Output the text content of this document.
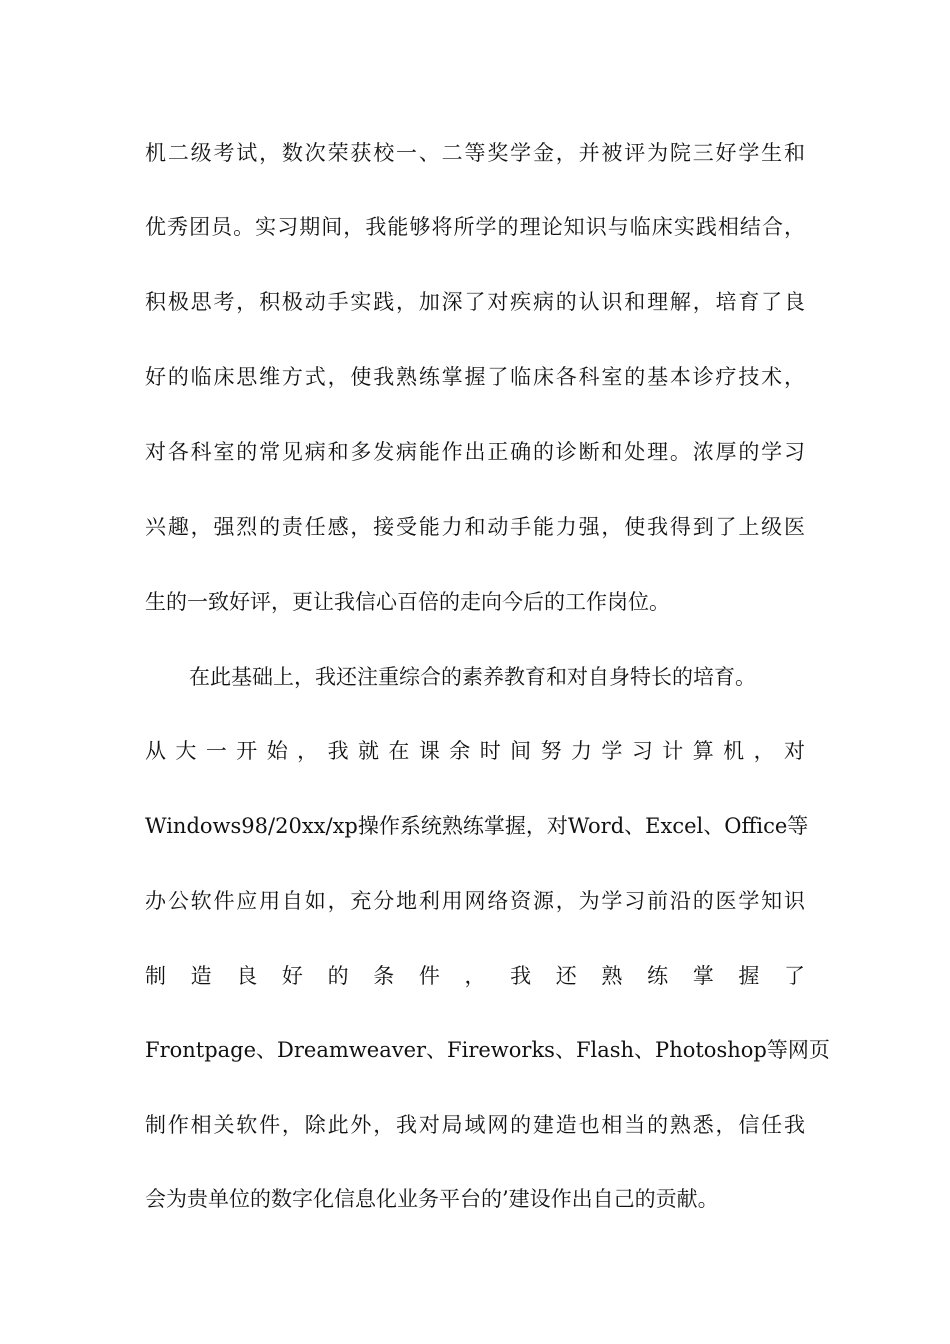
机二级考试，数次荣获校一、二等奖学金，并被评为院三好学生和
优秀团员。实习期间，我能够将所学的理论知识与临床实践相结合，
积极思考，积极动手实践，加深了对疾病的认识和理解，培育了良
好的临床思维方式，使我熟练掌握了临床各科室的基本诊疗技术，
对各科室的常见病和多发病能作出正确的诊断和处理。浓厚的学习
兴趣，强烈的责任感，接受能力和动手能力强，使我得到了上级医
生的一致好评，更让我信心百倍的走向今后的工作岗位。
在此基础上，我还注重综合的素养教育和对自身特长的培育。
从 大 一 开 始 ， 我 就 在 课 余 时 间 努 力 学 习 计 算 机 ， 对
Windows98/20xx/xp操作系统熟练掌握，对Word、Excel、Office等
办公软件应用自如，充分地利用网络资源，为学习前沿的医学知识
制 造 良 好 的 条 件 ， 我 还 熟 练 掌 握 了
Frontpage、Dreamweaver、Fireworks、Flash、Photoshop等网页
制作相关软件，除此外，我对局域网的建造也相当的熟悉，信任我
会为贵单位的数字化信息化业务平台的’建设作出自己的贡献。
